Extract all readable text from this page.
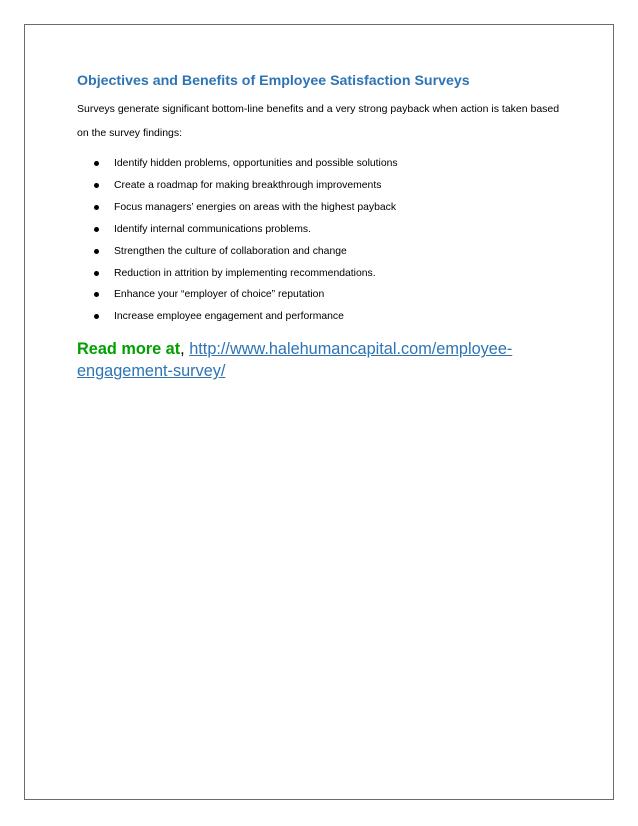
Objectives and Benefits of Employee Satisfaction Surveys

Surveys generate significant bottom-line benefits and a very strong payback when action is taken based on the survey findings:

Identify hidden problems, opportunities and possible solutions
Create a roadmap for making breakthrough improvements
Focus managers’ energies on areas with the highest payback
Identify internal communications problems.
Strengthen the culture of collaboration and change
Reduction in attrition by implementing recommendations.
Enhance your “employer of choice” reputation
Increase employee engagement and performance

Read more at, http://www.halehumancapital.com/employee-
engagement-survey/
